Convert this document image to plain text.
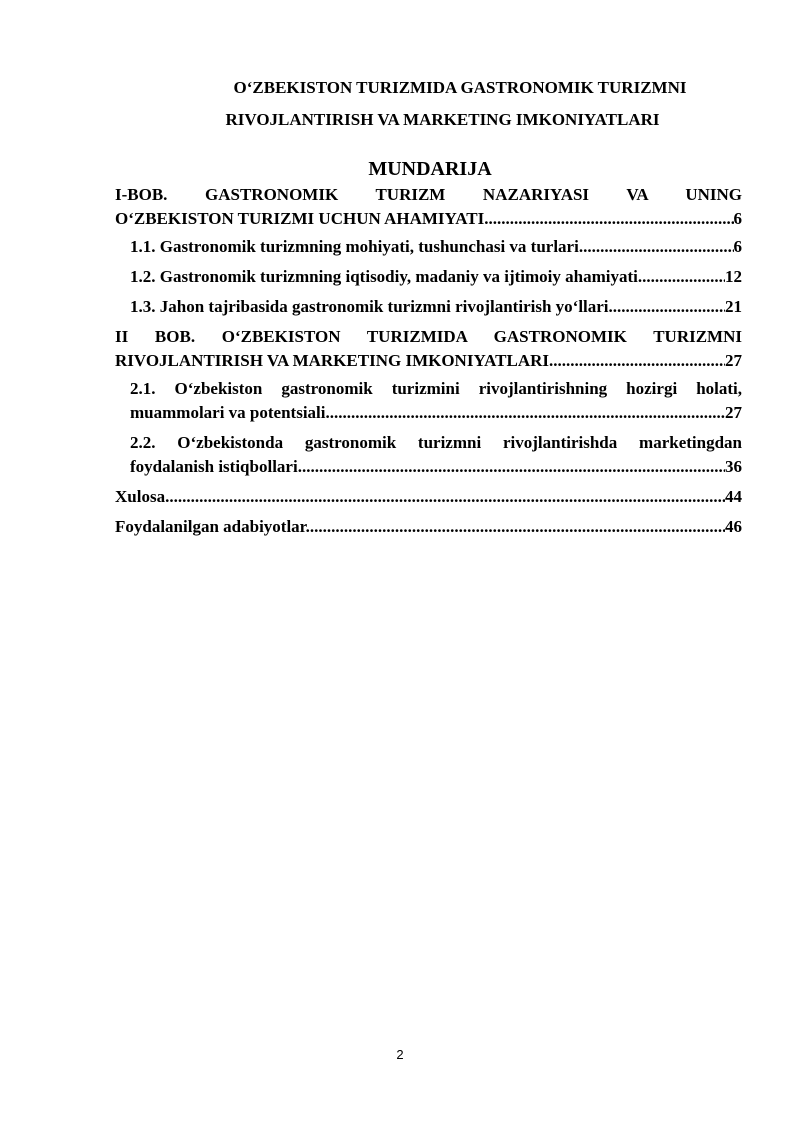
O‘ZBEKISTON TURIZMIDA GASTRONOMIK TURIZMNI

RIVOJLANTIRISH VA MARKETING IMKONIYATLARI

MUNDARIJA

I-BOB. GASTRONOMIK TURIZM NAZARIYASI VA UNING
O‘ZBEKISTON TURIZMI UCHUN AHAMIYATI. .....	6
1.1. Gastronomik turizmning mohiyati, tushunchasi va turlari .....	6
1.2. Gastronomik turizmning iqtisodiy, madaniy va ijtimoiy ahamiyati .....	12
1.3. Jahon tajribasida gastronomik turizmni rivojlantirish yo‘llari .....	21
II BOB. O‘ZBEKISTON TURIZMIDA GASTRONOMIK TURIZMNI
RIVOJLANTIRISH VA MARKETING IMKONIYATLARI .....	27
2.1. O‘zbekiston gastronomik turizmini rivojlantirishning hozirgi holati,
muammolari va potentsiali .....	27
2.2. O‘zbekistonda gastronomik turizmni rivojlantirishda marketingdan
foydalanish istiqbollari .....	36
Xulosa .....	44
Foydalanilgan adabiyotlar .....	46
2
